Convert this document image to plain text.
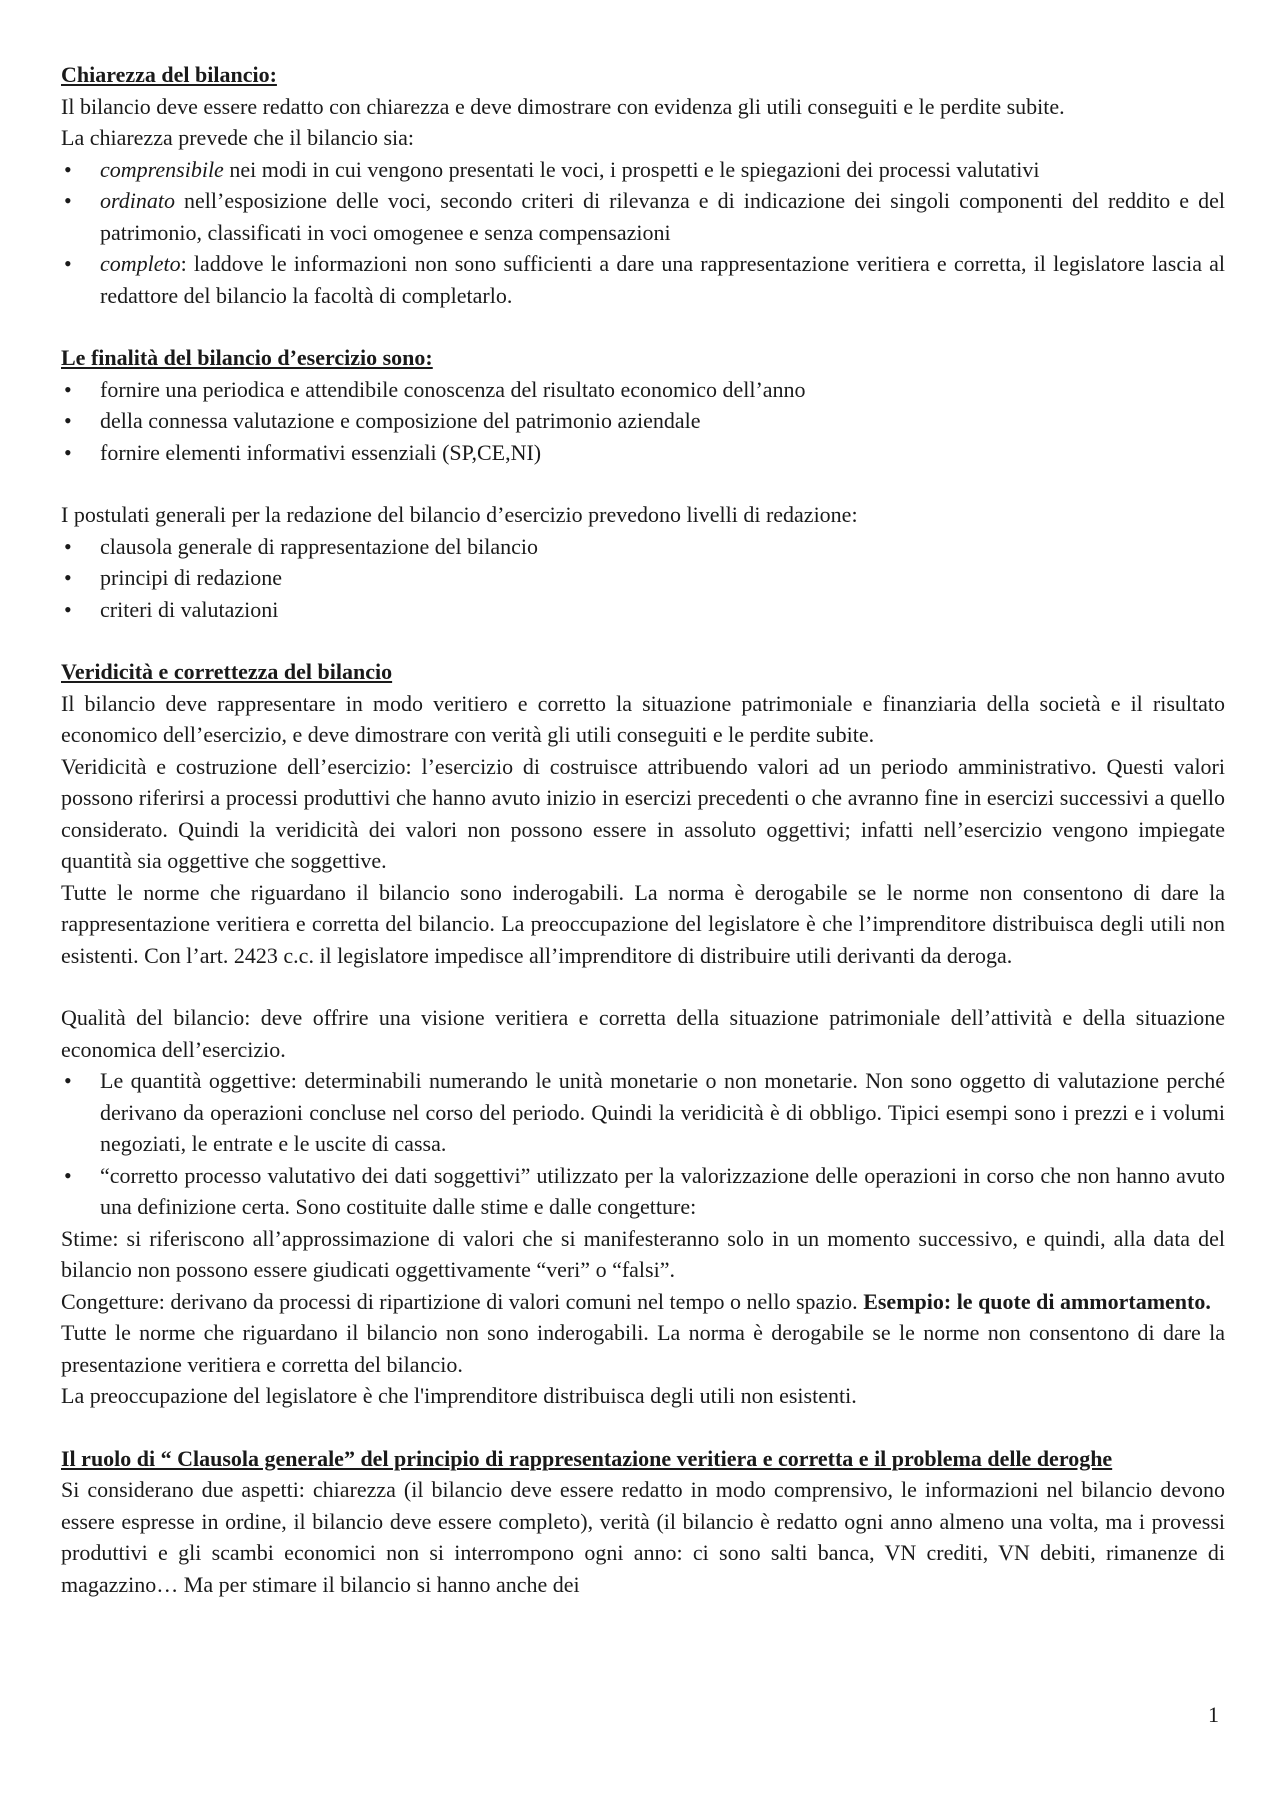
Chiarezza del bilancio:

Il bilancio deve essere redatto con chiarezza e deve dimostrare con evidenza gli utili conseguiti e le perdite subite.

La chiarezza prevede che il bilancio sia:

• comprensibile nei modi in cui vengono presentati le voci, i prospetti e le spiegazioni dei processi valutativi
• ordinato nell’esposizione delle voci, secondo criteri di rilevanza e di indicazione dei singoli componenti del reddito e del patrimonio, classificati in voci omogenee e senza compensazioni
• completo: laddove le informazioni non sono sufficienti a dare una rappresentazione veritiera e corretta, il legislatore lascia al redattore del bilancio la facoltà di completarlo.

Le finalità del bilancio d’esercizio sono:

• fornire una periodica e attendibile conoscenza del risultato economico dell’anno
• della connessa valutazione e composizione del patrimonio aziendale
• fornire elementi informativi essenziali (SP,CE,NI)

I postulati generali per la redazione del bilancio d’esercizio prevedono livelli di redazione:

• clausola generale di rappresentazione del bilancio
• principi di redazione
• criteri di valutazioni

Veridicità e correttezza del bilancio

Il bilancio deve rappresentare in modo veritiero e corretto la situazione patrimoniale e finanziaria della società e il risultato economico dell’esercizio, e deve dimostrare con verità gli utili conseguiti e le perdite subite.

Veridicità e costruzione dell’esercizio: l’esercizio di costruisce attribuendo valori ad un periodo amministrativo. Questi valori possono riferirsi a processi produttivi che hanno avuto inizio in esercizi precedenti o che avranno fine in esercizi successivi a quello considerato. Quindi la veridicità dei valori non possono essere in assoluto oggettivi; infatti nell’esercizio vengono impiegate quantità sia oggettive che soggettive.

Tutte le norme che riguardano il bilancio sono inderogabili. La norma è derogabile se le norme non consentono di dare la rappresentazione veritiera e corretta del bilancio. La preoccupazione del legislatore è che l’imprenditore distribuisca degli utili non esistenti. Con l’art. 2423 c.c. il legislatore impedisce all’imprenditore di distribuire utili derivanti da deroga.

Qualità del bilancio: deve offrire una visione veritiera e corretta della situazione patrimoniale dell’attività e della situazione economica dell’esercizio.

• Le quantità oggettive: determinabili numerando le unità monetarie o non monetarie. Non sono oggetto di valutazione perché derivano da operazioni concluse nel corso del periodo. Quindi la veridicità è di obbligo. Tipici esempi sono i prezzi e i volumi negoziati, le entrate e le uscite di cassa.
• “corretto processo valutativo dei dati soggettivi” utilizzato per la valorizzazione delle operazioni in corso che non hanno avuto una definizione certa. Sono costituite dalle stime e dalle congetture:

Stime: si riferiscono all’approssimazione di valori che si manifesteranno solo in un momento successivo, e quindi, alla data del bilancio non possono essere giudicati oggettivamente “veri” o “falsi”.

Congetture: derivano da processi di ripartizione di valori comuni nel tempo o nello spazio. Esempio: le quote di ammortamento.

Tutte le norme che riguardano il bilancio non sono inderogabili. La norma è derogabile se le norme non consentono di dare la presentazione veritiera e corretta del bilancio.

La preoccupazione del legislatore è che l'imprenditore distribuisca degli utili non esistenti.

Il ruolo di “ Clausola generale” del principio di rappresentazione veritiera e corretta e il problema delle deroghe

Si considerano due aspetti: chiarezza (il bilancio deve essere redatto in modo comprensivo, le informazioni nel bilancio devono essere espresse in ordine, il bilancio deve essere completo), verità (il bilancio è redatto ogni anno almeno una volta, ma i provessi produttivi e gli scambi economici non si interrompono ogni anno: ci sono salti banca, VN crediti, VN debiti, rimanenze di magazzino… Ma per stimare il bilancio si hanno anche dei

1
